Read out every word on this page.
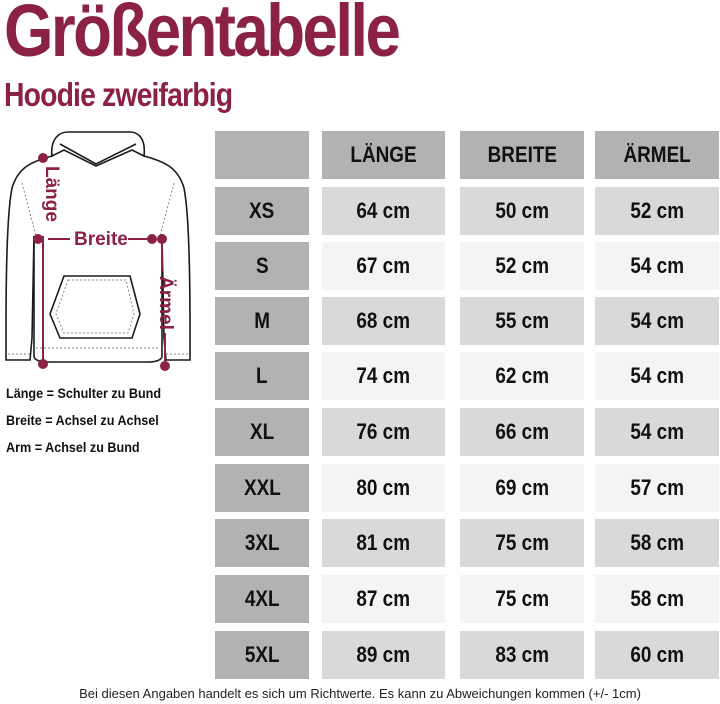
Größentabelle
Hoodie zweifarbig
Länge
Breite
Ärmel
Länge = Schulter zu Bund
Breite = Achsel zu Achsel
Arm = Achsel zu Bund
LÄNGE	BREITE	ÄRMEL
XS	64 cm	50 cm	52 cm
S	67 cm	52 cm	54 cm
M	68 cm	55 cm	54 cm
L	74 cm	62 cm	54 cm
XL	76 cm	66 cm	54 cm
XXL	80 cm	69 cm	57 cm
3XL	81 cm	75 cm	58 cm
4XL	87 cm	75 cm	58 cm
5XL	89 cm	83 cm	60 cm
Bei diesen Angaben handelt es sich um Richtwerte. Es kann zu Abweichungen kommen (+/- 1cm)
